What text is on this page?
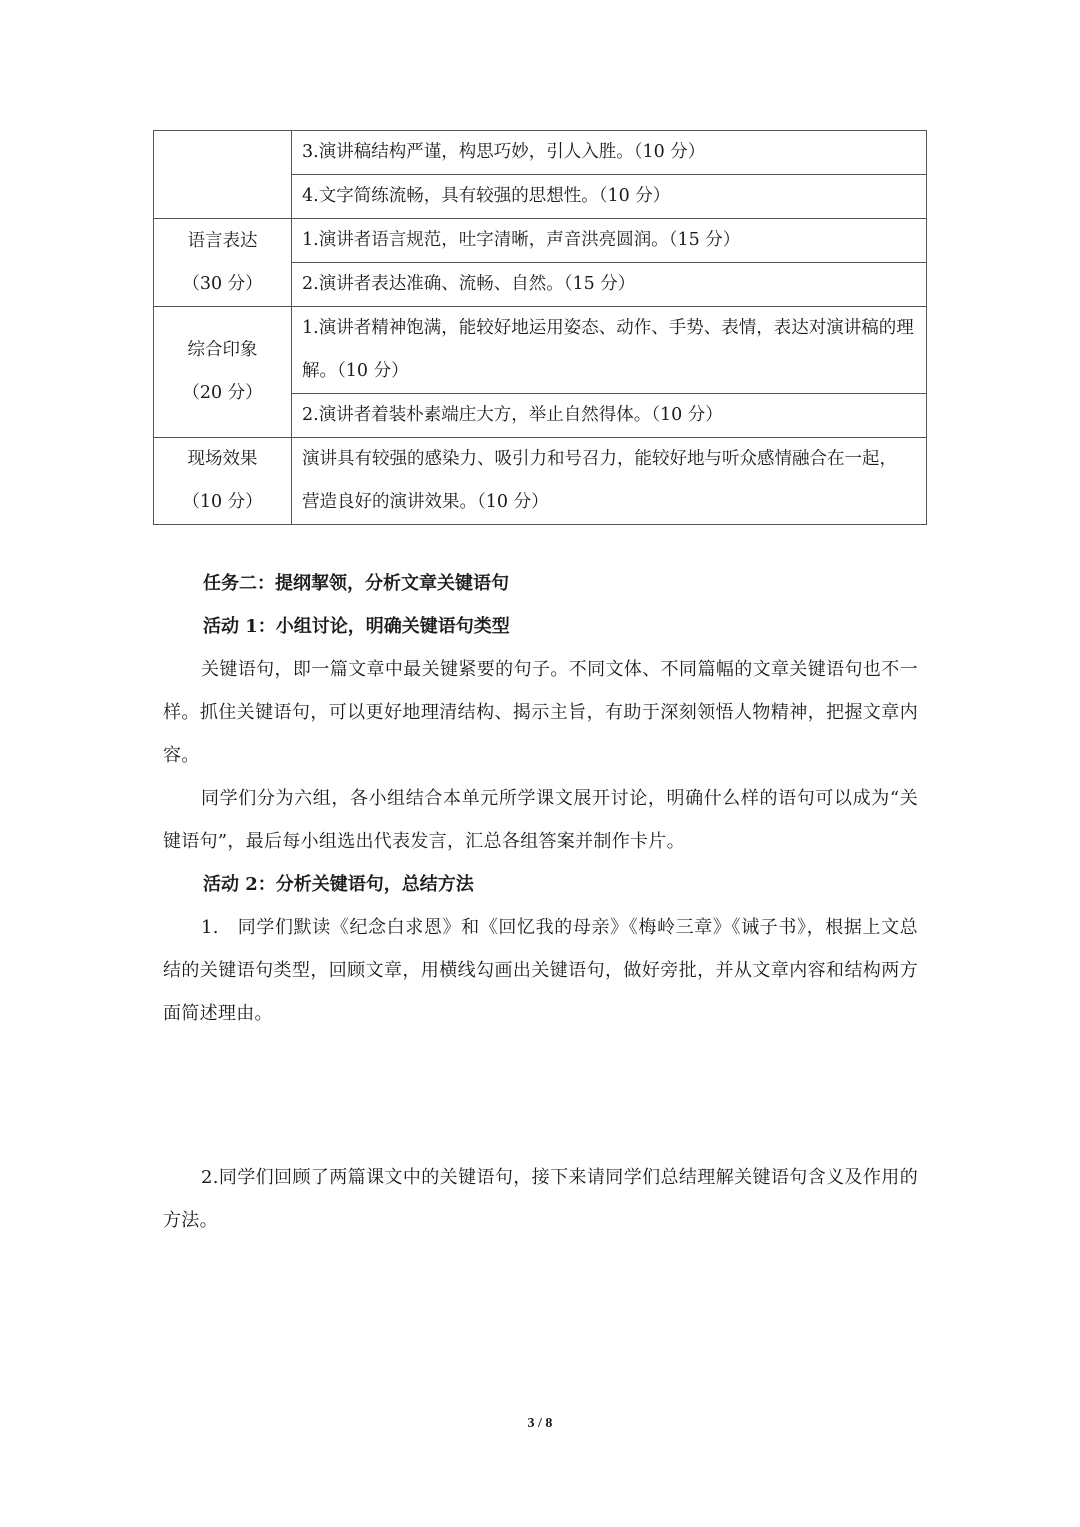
	3.演讲稿结构严谨，构思巧妙，引人入胜。（10 分）
	4.文字简练流畅，具有较强的思想性。（10 分）

语言表达
（30 分）	1.演讲者语言规范，吐字清晰，声音洪亮圆润。（15 分）
	2.演讲者表达准确、流畅、自然。（15 分）

综合印象
（20 分）	1.演讲者精神饱满，能较好地运用姿态、动作、手势、表情，表达对演讲稿的理解。（10 分）
	2.演讲者着装朴素端庄大方，举止自然得体。（10 分）

现场效果
（10 分）	演讲具有较强的感染力、吸引力和号召力，能较好地与听众感情融合在一起，营造良好的演讲效果。（10 分）
任务二：提纲挈领，分析文章关键语句
活动 1：小组讨论，明确关键语句类型
关键语句，即一篇文章中最关键紧要的句子。不同文体、不同篇幅的文章关键语句也不一样。抓住关键语句，可以更好地理清结构、揭示主旨，有助于深刻领悟人物精神，把握文章内容。
同学们分为六组，各小组结合本单元所学课文展开讨论，明确什么样的语句可以成为“关键语句”，最后每小组选出代表发言，汇总各组答案并制作卡片。
活动 2：分析关键语句，总结方法
1.　同学们默读《纪念白求恩》和《回忆我的母亲》《梅岭三章》《诫子书》，根据上文总结的关键语句类型，回顾文章，用横线勾画出关键语句，做好旁批，并从文章内容和结构两方面简述理由。
2.同学们回顾了两篇课文中的关键语句，接下来请同学们总结理解关键语句含义及作用的方法。
3 / 8
